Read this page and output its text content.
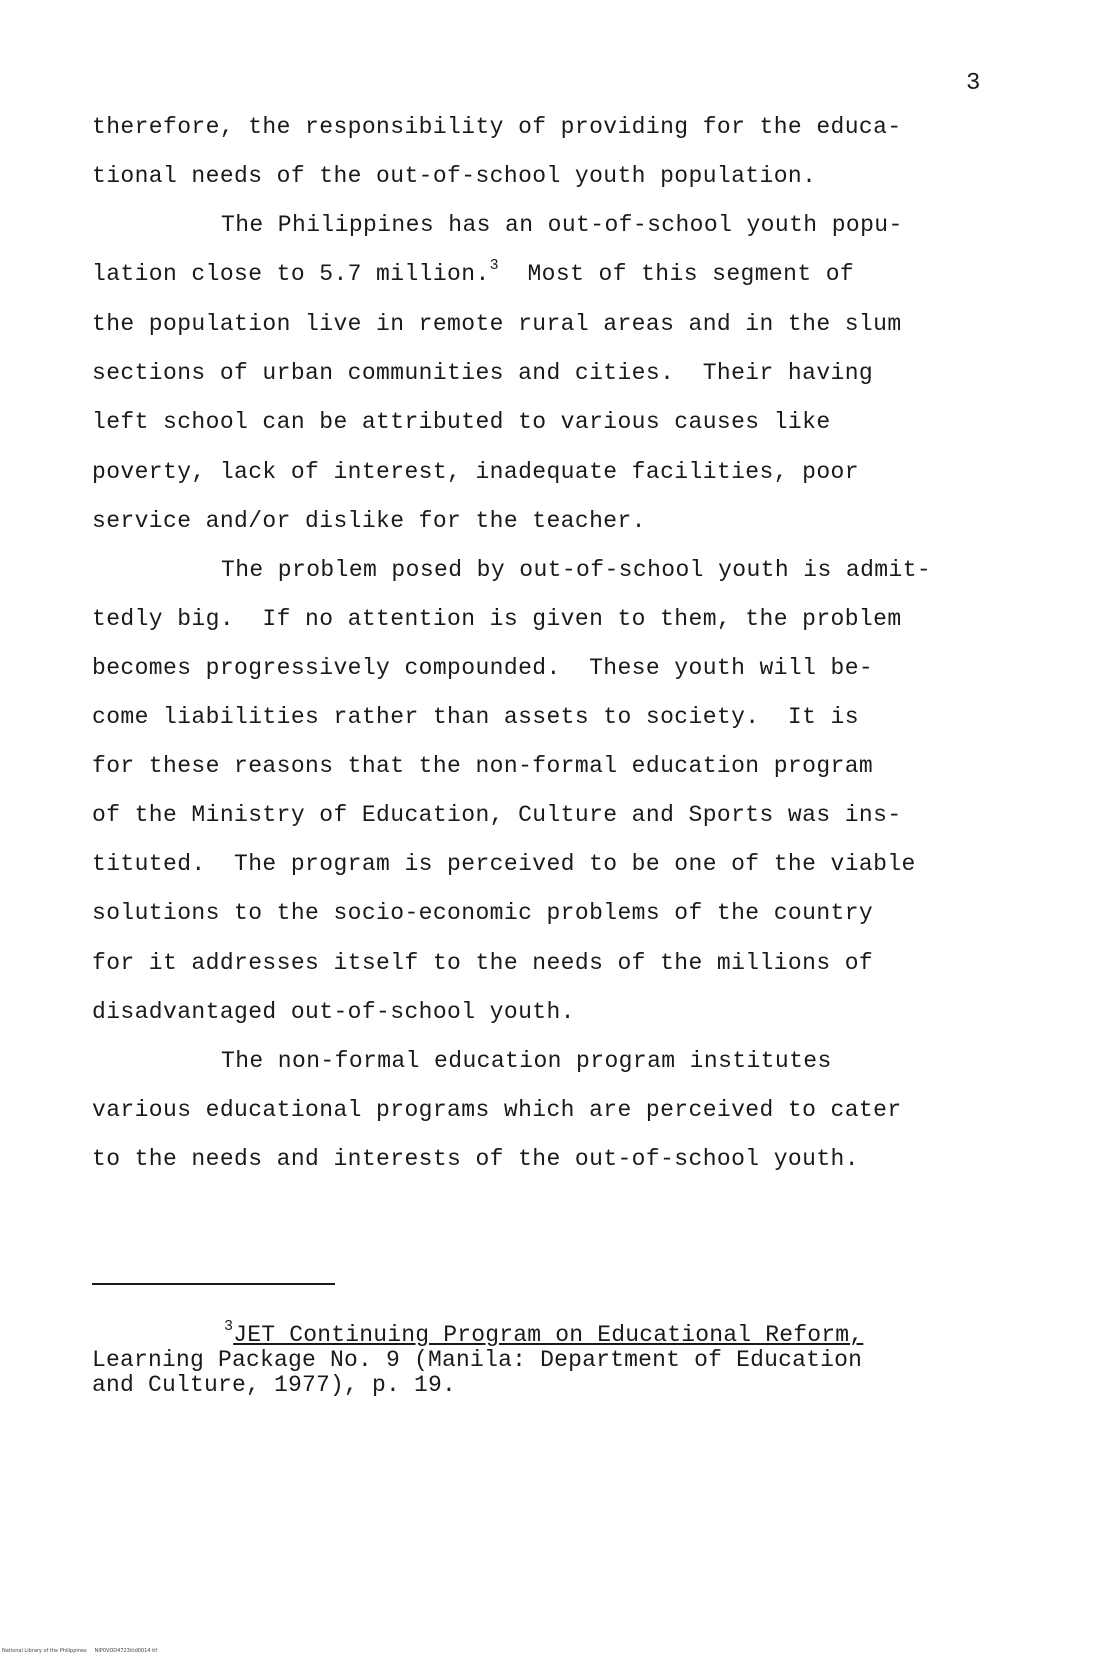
3
therefore, the responsibility of providing for the educa-
tional needs of the out-of-school youth population.
The Philippines has an out-of-school youth popu-
lation close to 5.7 million.$^3$  Most of this segment of
the population live in remote rural areas and in the slum
sections of urban communities and cities.  Their having
left school can be attributed to various causes like
poverty, lack of interest, inadequate facilities, poor
service and/or dislike for the teacher.
The problem posed by out-of-school youth is admit-
tedly big.  If no attention is given to them, the problem
becomes progressively compounded.  These youth will be-
come liabilities rather than assets to society.  It is
for these reasons that the non-formal education program
of the Ministry of Education, Culture and Sports was ins-
tituted.  The program is perceived to be one of the viable
solutions to the socio-economic problems of the country
for it addresses itself to the needs of the millions of
disadvantaged out-of-school youth.
The non-formal education program institutes
various educational programs which are perceived to cater
to the needs and interests of the out-of-school youth.
$^3$JET Continuing Program on Educational Reform,
Learning Package No. 9 (Manila: Department of Education
and Culture, 1977), p. 19.
National Library of the Philippines     NIP0VOD4723itid0014 tif
